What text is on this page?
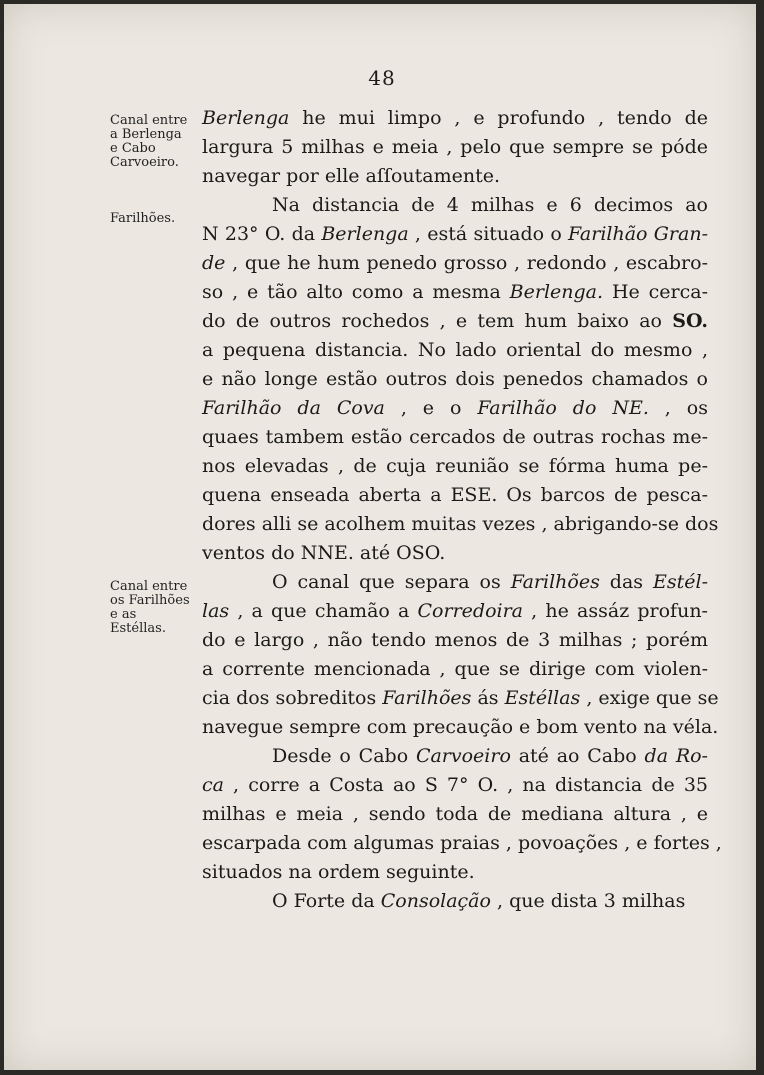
48
Canal entre a Berlenga e Cabo Carvoeiro.
Farilhões.
Canal entre os Farilhões e as Estéllas.
Berlenga he mui limpo , e profundo , tendo de
largura 5 milhas e meia , pelo que sempre se póde
navegar por elle aſſoutamente.
Na distancia de 4 milhas e 6 decimos ao
N 23° O. da Berlenga , está situado o Farilhão Gran-
de , que he hum penedo grosso , redondo , escabro-
so , e tão alto como a mesma Berlenga. He cerca-
do de outros rochedos , e tem hum baixo ao SO.
a pequena distancia. No lado oriental do mesmo ,
e não longe estão outros dois penedos chamados o
Farilhão da Cova , e o Farilhão do NE. , os
quaes tambem estão cercados de outras rochas me-
nos elevadas , de cuja reunião se fórma huma pe-
quena enseada aberta a ESE. Os barcos de pesca-
dores alli se acolhem muitas vezes , abrigando-se dos
ventos do NNE. até OSO.
O canal que separa os Farilhões das Estél-
las , a que chamão a Corredoira , he assáz profun-
do e largo , não tendo menos de 3 milhas ; porém
a corrente mencionada , que se dirige com violen-
cia dos sobreditos Farilhões ás Estéllas , exige que se
navegue sempre com precaução e bom vento na véla.
Desde o Cabo Carvoeiro até ao Cabo da Ro-
ca , corre a Costa ao S 7° O. , na distancia de 35
milhas e meia , sendo toda de mediana altura , e
escarpada com algumas praias , povoações , e fortes ,
situados na ordem seguinte.
O Forte da Consolação , que dista 3 milhas
